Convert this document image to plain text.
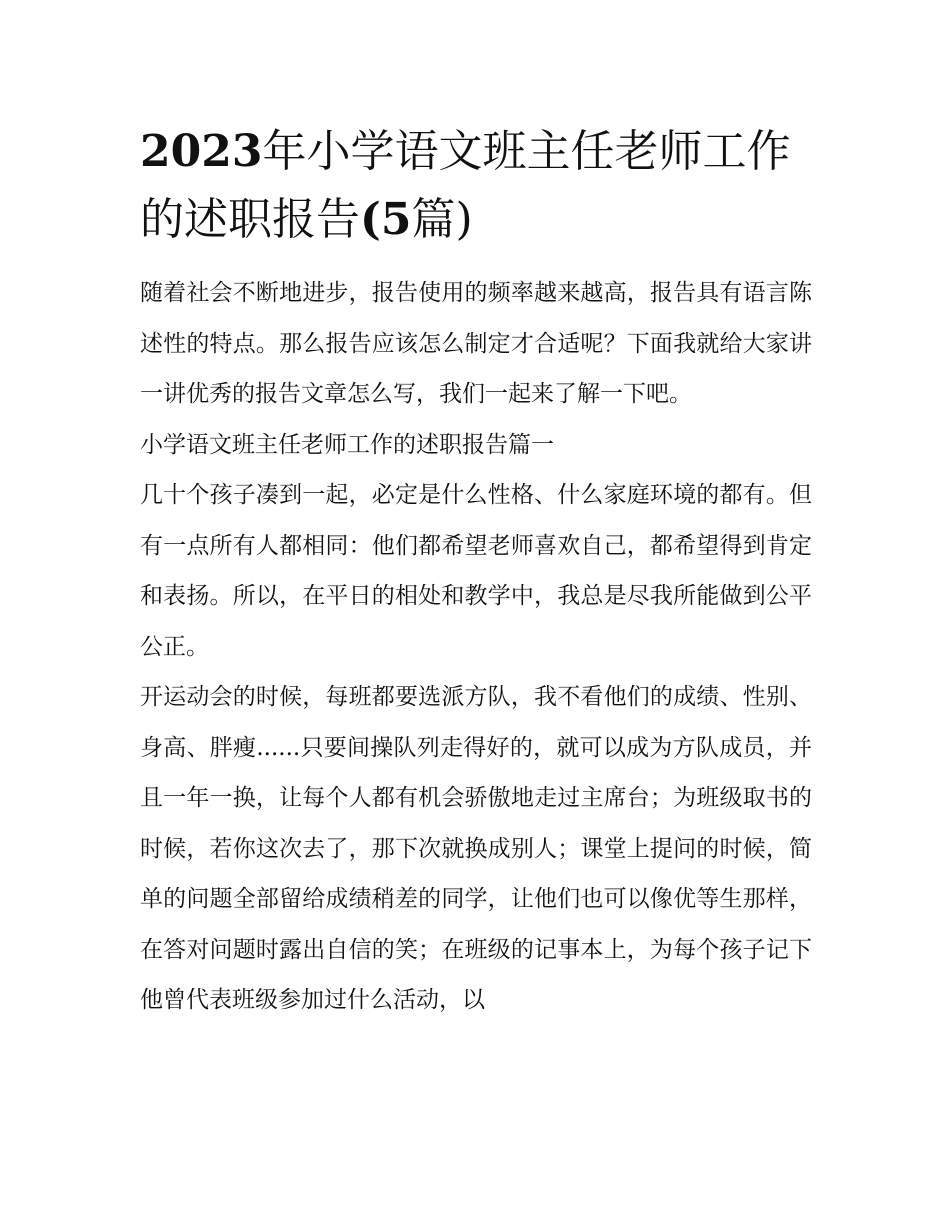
2023年小学语文班主任老师工作的述职报告(5篇)

随着社会不断地进步，报告使用的频率越来越高，报告具有语言陈述性的特点。那么报告应该怎么制定才合适呢？下面我就给大家讲一讲优秀的报告文章怎么写，我们一起来了解一下吧。

小学语文班主任老师工作的述职报告篇一

几十个孩子凑到一起，必定是什么性格、什么家庭环境的都有。但有一点所有人都相同：他们都希望老师喜欢自己，都希望得到肯定和表扬。所以，在平日的相处和教学中，我总是尽我所能做到公平公正。

开运动会的时候，每班都要选派方队，我不看他们的成绩、性别、身高、胖瘦......只要间操队列走得好的，就可以成为方队成员，并且一年一换，让每个人都有机会骄傲地走过主席台；为班级取书的时候，若你这次去了，那下次就换成别人；课堂上提问的时候，简单的问题全部留给成绩稍差的同学，让他们也可以像优等生那样，在答对问题时露出自信的笑；在班级的记事本上，为每个孩子记下他曾代表班级参加过什么活动，以
